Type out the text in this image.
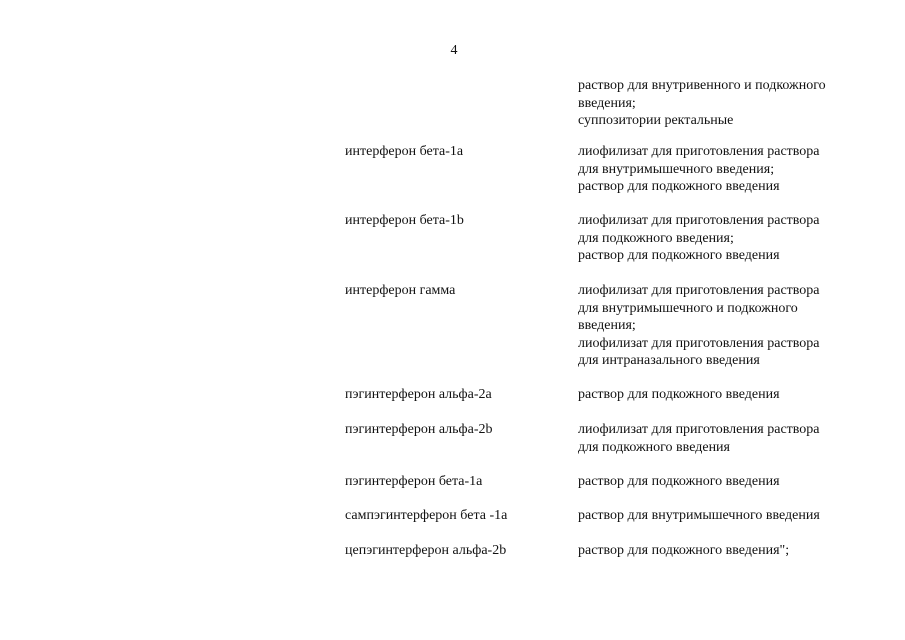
4
раствор для внутривенного и подкожного
введения;
суппозитории ректальные
интерферон бета-1a	лиофилизат для приготовления раствора
для внутримышечного введения;
раствор для подкожного введения
интерферон бета-1b	лиофилизат для приготовления раствора
для подкожного введения;
раствор для подкожного введения
интерферон гамма	лиофилизат для приготовления раствора
для внутримышечного и подкожного
введения;
лиофилизат для приготовления раствора
для интраназального введения
пэгинтерферон альфа-2a	раствор для подкожного введения
пэгинтерферон альфа-2b	лиофилизат для приготовления раствора
для подкожного введения
пэгинтерферон бета-1a	раствор для подкожного введения
сампэгинтерферон бета -1a	раствор для внутримышечного введения
цепэгинтерферон альфа-2b	раствор для подкожного введения";
